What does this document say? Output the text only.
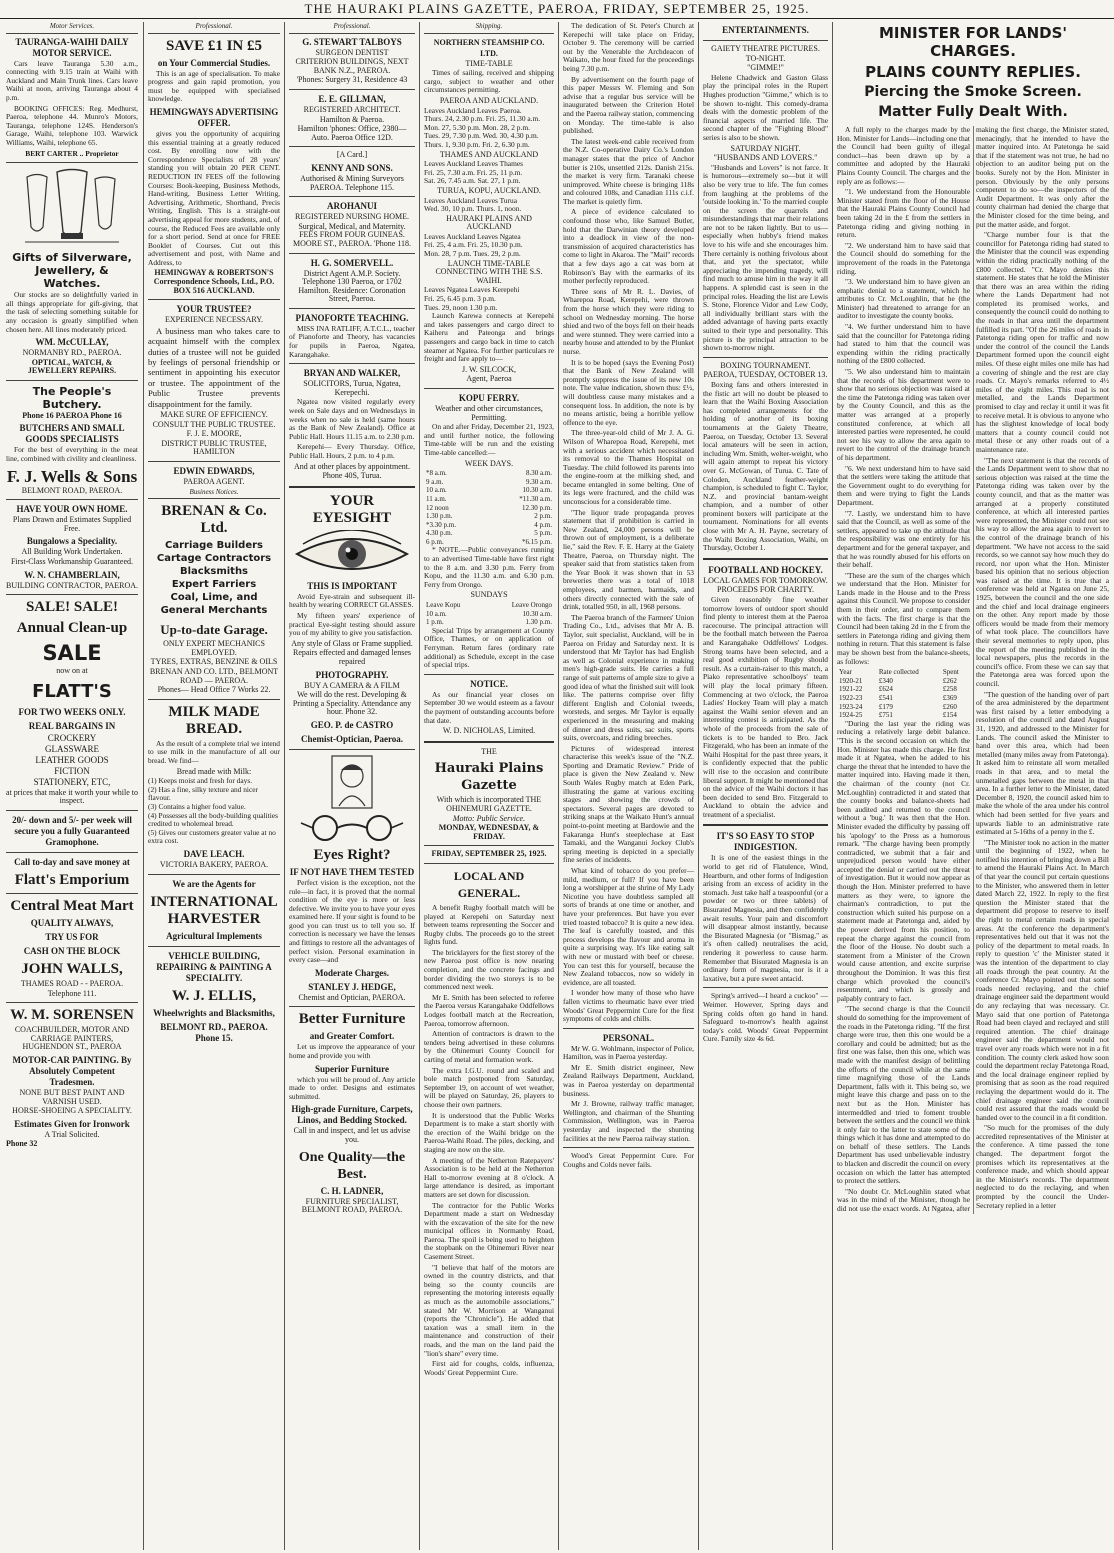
THE HAURAKI PLAINS GAZETTE, PAEROA, FRIDAY, SEPTEMBER 25, 1925.
Motor Services.
TAURANGA-WAIHI DAILY MOTOR SERVICE.

Cars leave Tauranga 5.30 a.m., connecting with 9.15 train at Waihi with Auckland and Main Trunk lines. Cars leave Waihi at noon, arriving Tauranga about 4 p.m.

BOOKING OFFICES: Reg. Medhurst, Paeroa, telephone 44. Munro's Motors, Tauranga, telephone 124S. Henderson's Garage, Waihi, telephone 103. Warwick Williams, Waihi, telephone 65.

BERT CARTER .. Proprietor
Gifts of Silverware, Jewellery, & Watches.

Our stocks are so delightfully varied in all things appropriate for gift-giving, that the task of selecting something suitable for any occasion is greatly simplified when chosen here. All lines moderately priced.

WM. McCULLAY,
NORMANBY RD., PAEROA.
OPTICAL, WATCH, & JEWELLERY REPAIRS.
The People's Butchery.
Phone 16 PAEROA Phone 16
BUTCHERS AND SMALL GOODS SPECIALISTS

For the best of everything in the meat line, combined with civility and cleanliness.

F. J. Wells & Sons
BELMONT ROAD, PAEROA.
HAVE YOUR OWN HOME.
Plans Drawn and Estimates Supplied Free.
Bungalows a Speciality.
All Building Work Undertaken.
First-Class Workmanship Guaranteed.
W. N. CHAMBERLAIN,
BUILDING CONTRACTOR, PAEROA.
SALE! SALE!
Annual Clean-up
SALE
now on at
FLATT'S
FOR TWO WEEKS ONLY.
REAL BARGAINS IN
CROCKERY
GLASSWARE
LEATHER GOODS
FICTION
STATIONERY, ETC,
at prices that make it worth your while to inspect.
20/- down and 5/- per week will secure you a fully Guaranteed Gramophone.
Call to-day and save money at
Flatt's Emporium
Central Meat Mart
QUALITY ALWAYS,
TRY US FOR
CASH ON THE BLOCK
JOHN WALLS,
THAMES ROAD - - PAEROA.
Telephone 111.
W. M. SORENSEN
COACHBUILDER, MOTOR AND CARRIAGE PAINTERS, HUGHENDON ST., PAEROA
MOTOR-CAR PAINTING. By Absolutely Competent Tradesmen.
NONE BUT BEST PAINT AND VARNISH USED.
HORSE-SHOEING A SPECIALITY.
Estimates Given for Ironwork
A Trial Solicited.
Phone 32
Professional.
SAVE £1 IN £5
on Your Commercial Studies.

This is an age of specialisation. To make progress and gain rapid promotion, you must be equipped with specialised knowledge.

HEMINGWAYS ADVERTISING OFFER.

gives you the opportunity of acquiring this essential training at a greatly reduced cost. By enrolling now with the Correspondence Specialists of 28 years' standing you will obtain 20 PER CENT. REDUCTION IN FEES off the following Courses: Book-keeping, Business Methods, Hand-writing, Business Letter Writing, Advertising, Arithmetic, Shorthand, Precis Writing, English. This is a straight-out advertising appeal for more students, and, of course, the Reduced Fees are available only for a short period. Send at once for FREE Booklet of Courses. Cut out this advertisement and post, with Name and Address, to

HEMINGWAY & ROBERTSON'S Correspondence Schools, Ltd., P.O. BOX 516 AUCKLAND.
YOUR TRUSTEE?
EXPERIENCE NECESSARY.

A business man who takes care to acquaint himself with the complex duties of a trustee will not be guided by feelings of personal friendship or sentiment in appointing his executor or trustee. The appointment of the Public Trustee prevents disappointment for the family.

MAKE SURE OF EFFICIENCY.
CONSULT THE PUBLIC TRUSTEE.
F. J. E. MOORE,
DISTRICT PUBLIC TRUSTEE, HAMILTON
EDWIN EDWARDS,
PAEROA AGENT.
Business Notices.
BRENAN & Co. Ltd.
Carriage Builders
Cartage Contractors
Blacksmiths
Expert Farriers
Coal, Lime, and
General Merchants
Up-to-date Garage.
ONLY EXPERT MECHANICS EMPLOYED.
TYRES, EXTRAS, BENZINE & OILS
BRENAN AND CO. LTD., BELMONT ROAD — PAEROA.
Phones— Head Office 7 Works 22.
MILK MADE BREAD.

As the result of a complete trial we intend to use milk in the manufacture of all our bread. We find—

Bread made with Milk:

(1) Keeps moist and fresh for days.

(2) Has a fine, silky texture and nicer flavour.

(3) Contains a higher food value.

(4) Possesses all the body-building qualities credited to wholemeal bread.

(5) Gives our customers greater value at no extra cost.

DAVE LEACH.
VICTORIA BAKERY, PAEROA.
We are the Agents for
INTERNATIONAL HARVESTER
Agricultural Implements
VEHICLE BUILDING, REPAIRING & PAINTING A SPECIALITY.
W. J. ELLIS,
Wheelwrights and Blacksmiths,
BELMONT RD., PAEROA. Phone 15.
Professional.
G. STEWART TALBOYS
SURGEON DENTIST
CRITERION BUILDINGS, NEXT BANK N.Z., PAEROA.
'Phones: Surgery 31, Residence 43
E. E. GILLMAN,
REGISTERED ARCHITECT.
Hamilton & Paeroa.
Hamilton 'phones: Office, 2380—Auto. Paeroa Office 12D.
[A Card.]
KENNY AND SONS.
Authorised & Mining Surveyors PAEROA. Telephone 115.
AROHANUI
REGISTERED NURSING HOME.
Surgical, Medical, and Maternity. FEES FROM FOUR GUINEAS. MOORE ST., PAEROA. 'Phone 118.
H. G. SOMERVELL.
District Agent A.M.P. Society. Telephone 130 Paeroa, or 1702 Hamilton. Residence: Coronation Street, Paeroa.
PIANOFORTE TEACHING.

MISS INA RATLIFF, A.T.C.L., teacher of Pianoforte and Theory, has vacancies for pupils in Paeroa, Ngatea, Karangahake.

BRYAN AND WALKER,
SOLICITORS, Turua, Ngatea, Kerepechi.

Ngatea now visited regularly every week on Sale days and on Wednesdays in weeks when no sale is held (same hours as the Bank of New Zealand). Office at Public Hall. Hours 11.15 a.m. to 2.30 p.m.

Kerepehi— Every Thursday. Office, Public Hall. Hours, 2 p.m. to 4 p.m.

And at other places by appointment.
Phone 40S, Turua.
YOUR EYESIGHT
THIS IS IMPORTANT

Avoid Eye-strain and subsequent ill-health by wearing CORRECT GLASSES.

My fifteen years' experience of practical Eye-sight testing should assure you of my ability to give you satisfaction.

Any style of Glass or Frame supplied.
Repairs effected and damaged lenses repaired
PHOTOGRAPHY.
BUY A CAMERA & A FILM
We will do the rest. Developing & Printing a Speciality. Attendance any hour. Phone 32.
GEO. P. de CASTRO
Chemist-Optician, Paeroa.
Eyes Right?
IF NOT HAVE THEM TESTED

Perfect vision is the exception, not the rule—in fact, it is proved that the normal condition of the eye is more or less defective. We invite you to have your eyes examined here. If your sight is found to be good you can trust us to tell you so. If correction is necessary we have the lenses and fittings to restore all the advantages of perfect vision. Personal examination in every case—and

Moderate Charges.
STANLEY J. HEDGE,
Chemist and Optician, PAEROA.
Better Furniture
and Greater Comfort.

Let us improve the appearance of your home and provide you with

Superior Furniture

which you will be proud of. Any article made to order. Designs and estimates submitted.

High-grade Furniture, Carpets, Linos, and Bedding Stocked.
Call in and inspect, and let us advise you.
One Quality—the Best.
C. H. LADNER,
FURNITURE SPECIALIST, BELMONT ROAD, PAEROA.
Shipping.
NORTHERN STEAMSHIP CO. LTD.
TIME-TABLE

Times of sailing, received and shipping cargo, subject to weather and other circumstances permitting.

PAEROA AND AUCKLAND.

Leaves Auckland Leaves Paeroa.

Thurs. 24, 2.30 p.m. Fri. 25, 11.30 a.m.

Mon. 27, 5.30 p.m. Mon. 28, 2 p.m.

Tues. 29, 7.30 p.m. Wed. 30, 4.30 p.m.

Thurs. 1, 9.30 p.m. Fri. 2, 6.30 p.m.

THAMES AND AUCKLAND

Leaves Auckland Leaves Thames

Fri. 25, 7.30 a.m. Fri. 25, 11 p.m.

Sat. 26, 7.45 a.m. Sat. 27, 1 p.m.

TURUA, KOPU, AUCKLAND.

Leaves Auckland Leaves Turua

Wed. 30, 10 p.m. Thurs. 1, noon.

HAURAKI PLAINS AND AUCKLAND

Leaves Auckland Leaves Ngatea

Fri. 25, 4 a.m. Fri. 25, 10.30 p.m.

Mon. 28, 7 p.m. Tues. 29, 2 p.m.

LAUNCH TIME-TABLE CONNECTING WITH THE S.S. WAIHI.

Leaves Ngatea Leaves Kerepehi

Fri. 25, 6.45 p.m. 3 p.m.

Tues. 29, noon 1.30 p.m.

Launch Karewa connects at Kerepehi and takes passengers and cargo direct to Kaiheru and Pateonga and brings passengers and cargo back in time to catch steamer at Ngatea. For further particulars re freight and fare apply to—

J. W. SILCOCK,
Agent, Paeroa
KOPU FERRY.
Weather and other circumstances, Permitting.

On and after Friday, December 21, 1923, and until further notice, the following Time-table will be run and the existing Time-table cancelled:—

WEEK DAYS.
*8 a.m.	8.30 a.m.
9 a.m.	9.30 a.m.
10 a.m.	10.30 a.m.
11 a.m.	*11.30 a.m.
12 noon	12.30 p.m.
1.30 p.m.	2 p.m.
*3.30 p.m.	4 p.m.
4.30 p.m.	5 p.m.
6 p.m.	*6.15 p.m.

* NOTE.—Public conveyances running to an advertised Time-table have first right to the 8 a.m. and 3.30 p.m. Ferry from Kopu, and the 11.30 a.m. and 6.30 p.m. Ferry from Orongo.

SUNDAYS
Leave Kopu	Leave Orongo
10 a.m.	10.30 a.m.
1 p.m.	1.30 p.m.

Special Trips by arrangement at County Office, Thames, or on application of Ferryman. Return fares (ordinary rate additional) as Schedule, except in the case of special trips.

NOTICE.

As our financial year closes on September 30 we would esteem as a favour the payment of outstanding accounts before that date.

W. D. NICHOLAS, Limited.
THE
Hauraki Plains Gazette
With which is incorporated THE OHINEMURI GAZETTE.
Motto: Public Service.
MONDAY, WEDNESDAY, & FRIDAY.
FRIDAY, SEPTEMBER 25, 1925.
LOCAL AND GENERAL.

A benefit Rugby football match will be played at Kerepehi on Saturday next between teams representing the Soccer and Rugby clubs. The proceeds go to the street lights fund.

The bricklayers for the first storey of the new Paeroa post office is now nearing completion, and the concrete facings and border dividing the two storeys is to be commenced next week.

Mr E. Smith has been selected to referee the Paeroa versus Karangahake Oddfellows Lodges football match at the Recreation, Paeroa, tomorrow afternoon.

Attention of contractors is drawn to the tenders being advertised in these columns by the Ohinemuri County Council for carting of metal and formation work.

The extra I.G.U. round and scaled and bole match postponed from Saturday, September 19, on account of wet weather, will be played on Saturday, 26, players to choose their own partners.

It is understood that the Public Works Department is to make a start shortly with the erection of the Waihi bridge on the Paeroa-Waihi Road. The piles, decking, and staging are now on the site.

A meeting of the Netherton Ratepayers' Association is to be held at the Netherton Hall to-morrow evening at 8 o'clock. A large attendance is desired, as important matters are set down for discussion.

The contractor for the Public Works Department made a start on Wednesday with the excavation of the site for the new municipal offices in Normanby Road, Paeroa. The spoil is being used to heighten the stopbank on the Ohinemuri River near Casement Street.

"I believe that half of the motors are owned in the country districts, and that being so the county councils are representing the motoring interests equally as much as the automobile associations," stated Mr W. Morrison at Wanganui (reports the "Chronicle"). He added that taxation was a small item in the maintenance and construction of their roads, and the man on the land paid the "lion's share" every time.

First aid for coughs, colds, influenza, Woods' Great Peppermint Cure.

The dedication of St. Peter's Church at Kerepechi will take place on Friday, October 9. The ceremony will be carried out by the Venerable the Archdeacon of Waikato, the hour fixed for the proceedings being 7.30 p.m.

By advertisement on the fourth page of this paper Messrs W. Fleming and Son advise that a regular bus service will be inaugurated between the Criterion Hotel and the Paeroa railway station, commencing on Monday. The time-table is also published.

The latest week-end cable received from the N.Z. Co-operative Dairy Co.'s London manager states that the price of Anchor butter is 210s, unsettled 212s. Danish 215s. the market is very firm. Taranaki cheese unimproved. White cheese is bringing 118s and coloured 108s, and Canadian 111s c.i.f. The market is quietly firm.

A piece of evidence calculated to confound those who, like Samuel Butler, hold that the Darwinian theory developed into a deadlock in view of the non-transmission of acquired characteristics has come to light in Akaroa. The "Mail" records that a few days ago a cat was born at Robinson's Bay with the earmarks of its mother perfectly reproduced.

Three sons of Mr R. L. Davies, of Wharepoa Road, Kerepehi, were thrown from the horse which they were riding to school on Wednesday morning. The horse shied and two of the boys fell on their heads and were stunned. They were carried into a nearby house and attended to by the Plunket nurse.

It is to be hoped (says the Evening Post) that the Bank of New Zealand will promptly suppress the issue of its new 10s note. The value indication, shown thus: £½, will doubtless cause many mistakes and a consequent loss. In addition, the note is by no means artistic, being a horrible yellow offence to the eye.

The three-year-old child of Mr J. A. G. Wilson of Wharepoa Road, Kerepehi, met with a serious accident which necessitated its removal to the Thames Hospital on Tuesday. The child followed its parents into the engine-room at the milking shed, and became entangled in some belting. One of its legs were fractured, and the child was unconscious for a considerable time.

"The liquor trade propaganda proves statement that if prohibition is carried in New Zealand, 24,000 persons will be thrown out of employment, is a deliberate lie," said the Rev. F. E. Harry at the Gaiety Theatre, Paeroa, on Thursday night. The speaker said that from statistics taken from the Year Book it was shown that in 53 breweries there was a total of 1018 employees, and barmen, barmaids, and others directly connected with the sale of drink, totalled 950, in all, 1968 persons.

The Paeroa branch of the Farmers' Union Trading Co., Ltd., advises that Mr A. B. Taylor, suit specialist, Auckland, will be in Paeroa on Friday and Saturday next. It is understood that Mr Taylor has had English as well as Colonial experience in making men's high-grade suits. He carries a full range of suit patterns of ample size to give a good idea of what the finished suit will look like. The patterns comprise over fifty different English and Colonial tweeds, worsteds, and serges. Mr Taylor is equally experienced in the measuring and making of dinner and dress suits, sac suits, sports suits, overcoats, and riding breeches.

Pictures of widespread interest characterise this week's issue of the "N.Z. Sporting and Dramatic Review." Pride of place is given the New Zealand v. New South Wales Rugby match at Eden Park, illustrating the game at various exciting stages and showing the crowds of spectators. Several pages are devoted to striking snaps at the Waikato Hunt's annual point-to-point meeting at Bardowie and the Fakaranga Hunt's steeplechase at East Tamaki, and the Wanganui Jockey Club's spring meeting is depicted in a specially fine series of incidents.

What kind of tobacco do you prefer—mild, medium, or full? If you have been long a worshipper at the shrine of My Lady Nicotine you have doubtless sampled all sorts of brands at one time or another, and have your preferences. But have you ever tried toasted tobacco? It is quite a new idea. The leaf is carefully toasted, and this process develops the flavour and aroma in quite a surprising way. It's like eating salt with new or mustard with beef or cheese. You can test this for yourself, because the New Zealand tobaccos, now so widely in evidence, are all toasted.

I wonder how many of those who have fallen victims to rheumatic have ever tried Woods' Great Peppermint Cure for the first symptoms of colds and chills.

PERSONAL.

Mr W. G. Wohlmann, inspector of Police, Hamilton, was in Paeroa yesterday.

Mr E. Smith district engineer, New Zealand Railways Department, Auckland, was in Paeroa yesterday on departmental business.

Mr J. Browne, railway traffic manager, Wellington, and chairman of the Shunting Commission, Wellington, was in Paeroa yesterday and inspected the shunting facilities at the new Paeroa railway station.

Wood's Great Peppermint Cure. For Coughs and Colds never fails.

ENTERTAINMENTS.
GAIETY THEATRE PICTURES.
TO-NIGHT.
"GIMME!"

Helene Chadwick and Gaston Glass play the principal roles in the Rupert Hughes production "Gimme," which is to be shown to-night. This comedy-drama deals with the domestic problem of the financial aspects of married life. The second chapter of the "Fighting Blood" series is also to be shown.

SATURDAY NIGHT.
"HUSBANDS AND LOVERS."

"Husbands and Lovers" is not farce. It is humorous—extremely so—but it will also be very true to life. The fun comes from laughing at the problems of the 'outside looking in.' To the married couple on the screen the quarrels and misunderstandings that mar their relations are not to be taken lightly. But to us—especially when hubby's friend makes love to his wife and she encourages him. There certainly is nothing frivolous about that, and yet the spectator, while appreciating the impending tragedy, will find much to amuse him in the way it all happens. A splendid cast is seen in the principal roles. Heading the list are Lewis S. Stone, Florence Vidor and Lew Cody, all individually brilliant stars with the added advantage of having parts exactly suited to their type and personality. This picture is the principal attraction to be shown to-morrow night.

BOXING TOURNAMENT.
PAEROA, TUESDAY, OCTOBER 13.

Boxing fans and others interested in the fistic art will no doubt be pleased to learn that the Waihi Boxing Association has completed arrangements for the holding of another of its boxing tournaments at the Gaiety Theatre, Paeroa, on Tuesday, October 13. Several local amateurs will be seen in action, including Wm. Smith, welter-weight, who will again attempt to repeat his victory over G. McGowan, of Turua. C. Tate of Coloden, Auckland feather-weight champion, is scheduled to fight C. Taylor, N.Z. and provincial bantam-weight champion, and a number of other prominent boxers will participate at the tournament. Nominations for all events close with Mr A. H. Payne, secretary of the Waihi Boxing Association, Waihi, on Thursday, October 1.

FOOTBALL AND HOCKEY.
LOCAL GAMES FOR TOMORROW.
PROCEEDS FOR CHARITY.

Given reasonably fine weather tomorrow lovers of outdoor sport should find plenty to interest them at the Paeroa racecourse. The principal attraction will be the football match between the Paeroa and Karangahake Oddfellows' Lodges. Strong teams have been selected, and a real good exhibition of Rugby should result. As a curtain-raiser to this match, a Piako representative schoolboys' team will play the local primary fifteen. Commencing at two o'clock, the Paeroa Ladies' Hockey Team will play a match against the Waihi senior eleven and an interesting contest is anticipated. As the whole of the proceeds from the sale of tickets is to be handed to Bro. Jack Fitzgerald, who has been an inmate of the Waihi Hospital for the past three years, it is confidently expected that the public will rise to the occasion and contribute liberal support. It might be mentioned that on the advice of the Waihi doctors it has been decided to send Bro. Fitzgerald to Auckland to obtain the advice and treatment of a specialist.

IT'S SO EASY TO STOP INDIGESTION.

It is one of the easiest things in the world to get rid of Flatulence, Wind, Heartburn, and other forms of Indigestion arising from an excess of acidity in the stomach. Just take half a teaspoonful (or a powder or two or three tablets) of Bisurated Magnesia, and then confidently await results. Your pain and discomfort will disappear almost instantly, because the Bisurated Magnesia (or "Bismag," as it's often called) neutralises the acid, rendering it powerless to cause harm. Remember that Bisurated Magnesia is an ordinary form of magnesia, nor is it a laxative, but a pure sweet antacid.

Spring's arrived—I heard a cuckoo" —Weimer. However, Spring days and Spring colds often go hand in hand. Safeguard to-morrow's health against today's cold. Woods' Great Peppermint Cure. Family size 4s 6d.

MINISTER FOR LANDS' CHARGES.
PLAINS COUNTY REPLIES.
Piercing the Smoke Screen.
Matter Fully Dealt With.

A full reply to the charges made by the Hon. Minister for Lands—including one that the Council had been guilty of illegal conduct—has been drawn up by a committee and adopted by the Hauraki Plains County Council. The charges and the reply are as follows:—

"1. We understand from the Honourable Minister stated from the floor of the House that the Hauraki Plains County Council had been taking 2d in the £ from the settlers in Patetonga riding and giving nothing in return.

"2. We understand him to have said that the Council should do something for the improvement of the roads in the Patetonga riding.

"3. We understand him to have given an emphatic denial to a statement, which he attributes to Cr. McLoughlin, that he (the Minister) had threatened to arrange for an auditor to investigate the county books.

"4. We further understand him to have said that the councillor for Patetonga riding had stated to him that the council was expending within the riding practically nothing of the £800 collected.

"5. We also understand him to maintain that the records of his department were to show that no serious objection was raised at the time the Patetonga riding was taken over by the County Council, and this as the matter was arranged at a properly constituted conference, at which all interested parties were represented, he could not see his way to allow the area again to revert to the control of the drainage branch of his department.

"6. We next understand him to have said that the settlers were taking the attitude that the Government ought to do everything for them and were trying to fight the Lands Department.

"7. Lastly, we understand him to have said that the Council, as well as some of the settlers, appeared to take up the attitude that the responsibility was one entirely for his department and for the general taxpayer, and that he was roundly abused for his efforts on their behalf.

"These are the sum of the charges which we understand that the Hon. Minister for Lands made in the House and to the Press against this Council. We propose to consider them in their order, and to compare them with the facts. The first charge is that the Council had been taking 2d in the £ from the settlers in Patetonga riding and giving them nothing in return. That this statement is false may be shown best from the balance-sheets, as follows:

Year	Rate collected	Spent
1920-21	£340	£262
1921-22	£624	£258
1922-23	£541	£369
1923-24	£179	£260
1924-25	£751	£154

"During the last year the riding was reducing a relatively large debit balance. "This is the second occasion on which the Hon. Minister has made this charge. He first made it at Ngatea, when he added to his charge the threat that he intended to have the matter inquired into. Having made it then, the chairman of the county (not Cr. McLoughlin) contradicted it and stated that the county books and balance-sheets had been audited and returned to the council without a 'bug.' It was then that the Hon. Minister evaded the difficulty by passing off his 'apology' to the Press as a humorous remark. "The charge having been promptly contradicted, we submit that a fair and unprejudiced person would have either accepted the denial or carried out the threat of investigation. But it would now appear as though the Hon. Minister preferred to have matters as they were, to ignore the chairman's contradiction, to put the construction which suited his purpose on a statement made at Patetonga and, aided by the power derived from his position, to repeat the charge against the council from the floor of the House. No doubt such a statement from a Minister of the Crown would cause attention, and excite surprise throughout the Dominion. It was this first charge which provoked the council's resentment, and which is grossly and palpably contrary to fact.

"The second charge is that the Council should do something for the improvement of the roads in the Patetonga riding. "If the first charge were true, then this one would be a corollary and could be admitted; but as the first one was false, then this one, which was made with the manifest design of belittling the efforts of the council while at the same time magnifying those of the Lands Department, falls with it. This being so, we might leave this charge and pass on to the next but as the Hon. Minister has intermeddled and tried to foment trouble between the settlers and the council we think it only fair to the latter to state some of the things which it has done and attempted to do on behalf of these settlers. The Lands Department has used unbelievable industry to blacken and discredit the council on every occasion on which the latter has attempted to protect the settlers.

"No doubt Cr. McLoughlin stated what was in the mind of the Minister, though he did not use the exact words. At Ngatea, after making the first charge, the Minister stated, menacingly, that he intended to have the matter inquired into. At Patetonga he said that if the statement was not true, he had no objection to an auditor being put on the books. Surely not by the Hon. Minister in person. Obviously by the only persons competent to do so—the inspectors of the Audit Department. It was only after the county chairman had denied the charge that the Minister closed for the time being, and put the matter aside, and forgot.

"Charge number four is that the councillor for Patetonga riding had stated to the Minister that the council was expending within the riding practically nothing of the £800 collected. "Cr. Mayo denies this statement. He states that he told the Minister that there was an area within the riding where the Lands Department had not completed its promised works, and consequently the council could do nothing to the roads in that area until the department fulfilled its part. "Of the 26 miles of roads in Patetonga riding open for traffic and now under the control of the council the Lands Department formed upon the council eight miles. Of these eight miles one mile has had a covering of shingle and the rest are clay roads. Cr. Mayo's remarks referred to 4½ miles of the eight miles. This road is not metalled, and the Lands Department promised to clay and reclay it until it was fit to receive metal. It is obvious to anyone who has the slightest knowledge of local body matters that a county council could not metal these or any other roads out of a maintenance rate.

"The next statement is that the records of the Lands Department went to show that no serious objection was raised at the time the Patetonga riding was taken over by the county council, and that as the matter was arranged at a properly constituted conference, at which all interested parties were represented, the Minister could not see his way to allow the area again to revert to the control of the drainage branch of his department. "We have not access to the said records, so we cannot say how much they do record, nor upon what the Hon. Minister based his opinion that no serious objection was raised at the time. It is true that a conference was held at Ngatea on June 25, 1925, between the council and the one side and the chief and local drainage engineers on the other. Any report made by those officers would be made from their memory of what took place. The councillors have their several memories to reply upon, plus the report of the meeting published in the local newspapers, plus the records in the council's office. From these we can say that the Patetonga area was forced upon the council.

"The question of the handing over of part of the area administered by the department was first raised by a letter embodying a resolution of the council and dated August 31, 1920, and addressed to the Minister for Lands. The council asked the Minister to hand over this area, which had been metalled (many miles away from Patetonga). It asked him to reinstate all worn metalled roads in that area, and to metal the unmetalled gaps between the metal in that area. In a further letter to the Minister, dated December 8, 1920, the council asked him to make the whole of the area under his control which had been settled for five years and upwards liable to an administrative rate estimated at 5-16ths of a penny in the £.

"The Minister took no action in the matter until the beginning of 1922, when he notified his intention of bringing down a Bill to amend the Hauraki Plains Act. In March of that year the council put certain questions to the Minister, who answered them in letter dated March 22, 1922. In reply to the first question the Minister stated that the department did propose to reserve to itself the right to metal certain roads in special areas. At the conference the department's representatives held out that it was not the policy of the department to metal roads. In reply to question 'c' the Minister stated it was the intention of the department to clay all roads through the peat country. At the conference Cr. Mayo pointed out that some roads needed reclaying, and the chief drainage engineer said the department would do any reclaying that was necessary. Cr. Mayo said that one portion of Patetonga Road had been clayed and reclayed and still required attention. The chief drainage engineer said the department would not travel over any roads which were not in a fit condition. The county clerk asked how soon could the department reclay Patetonga Road, and the local drainage engineer replied by promising that as soon as the road required reclaying the department would do it. The chief drainage engineer said the council could rest assured that the roads would be handed over to the council in a fit condition.

"So much for the promises of the duly accredited representatives of the Minister at the conference. A time passed the tone changed. The department forgot the promises which its representatives at the conference made, and which should appear in the Minister's records. The department neglected to do the reclaying, and when prompted by the council the Under-Secretary replied in a letter
